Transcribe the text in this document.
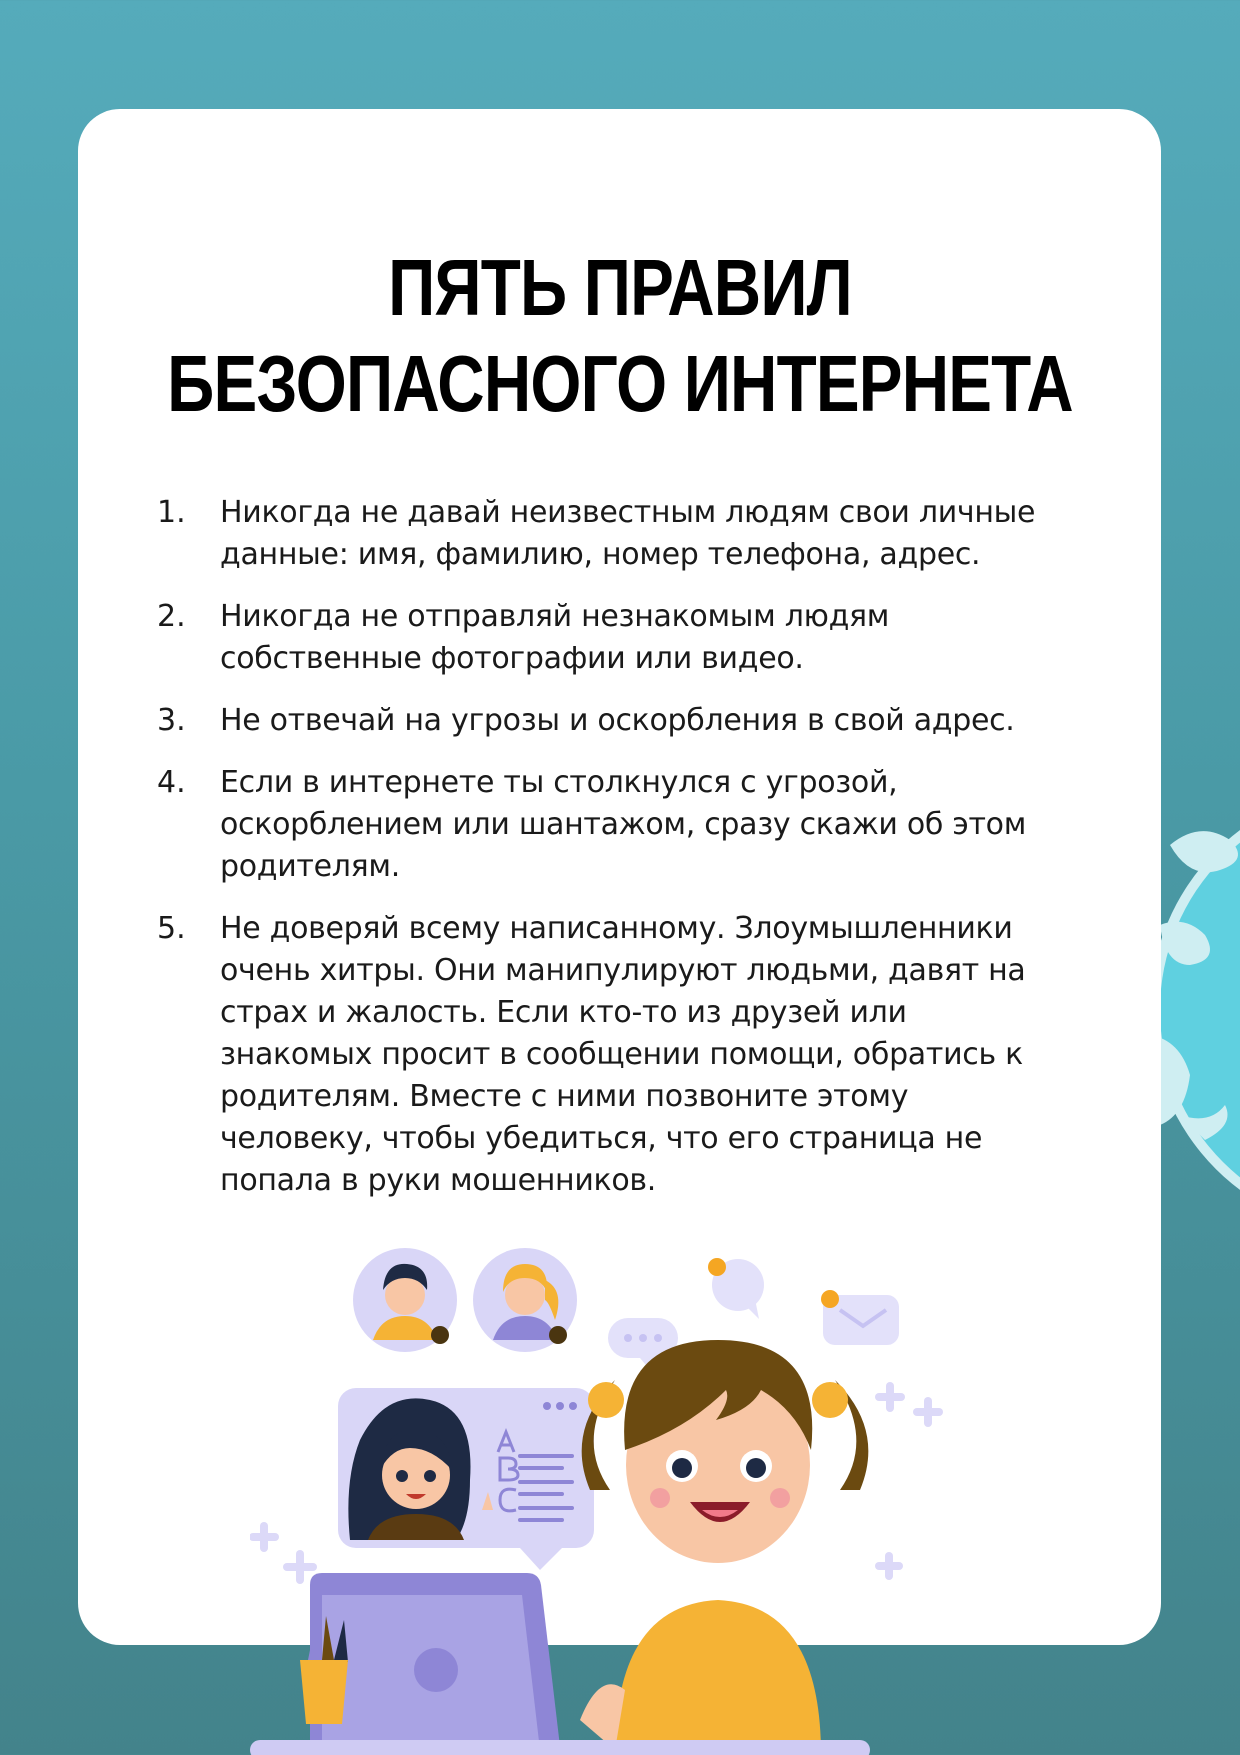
ПЯТЬ ПРАВИЛ
БЕЗОПАСНОГО ИНТЕРНЕТА
1.	Никогда не давай неизвестным людям свои личные данные: имя, фамилию, номер телефона, адрес.
2.	Никогда не отправляй незнакомым людям собственные фотографии или видео.
3.	Не отвечай на угрозы и оскорбления в свой адрес.
4.	Если в интернете ты столкнулся с угрозой, оскорблением или шантажом, сразу скажи об этом родителям.
5.	Не доверяй всему написанному. Злоумышленники очень хитры. Они манипулируют людьми, давят на страх и жалость. Если кто-то из друзей или знакомых просит в сообщении помощи, обратись к родителям. Вместе с ними позвоните этому человеку, чтобы убедиться, что его страница не попала в руки мошенников.
